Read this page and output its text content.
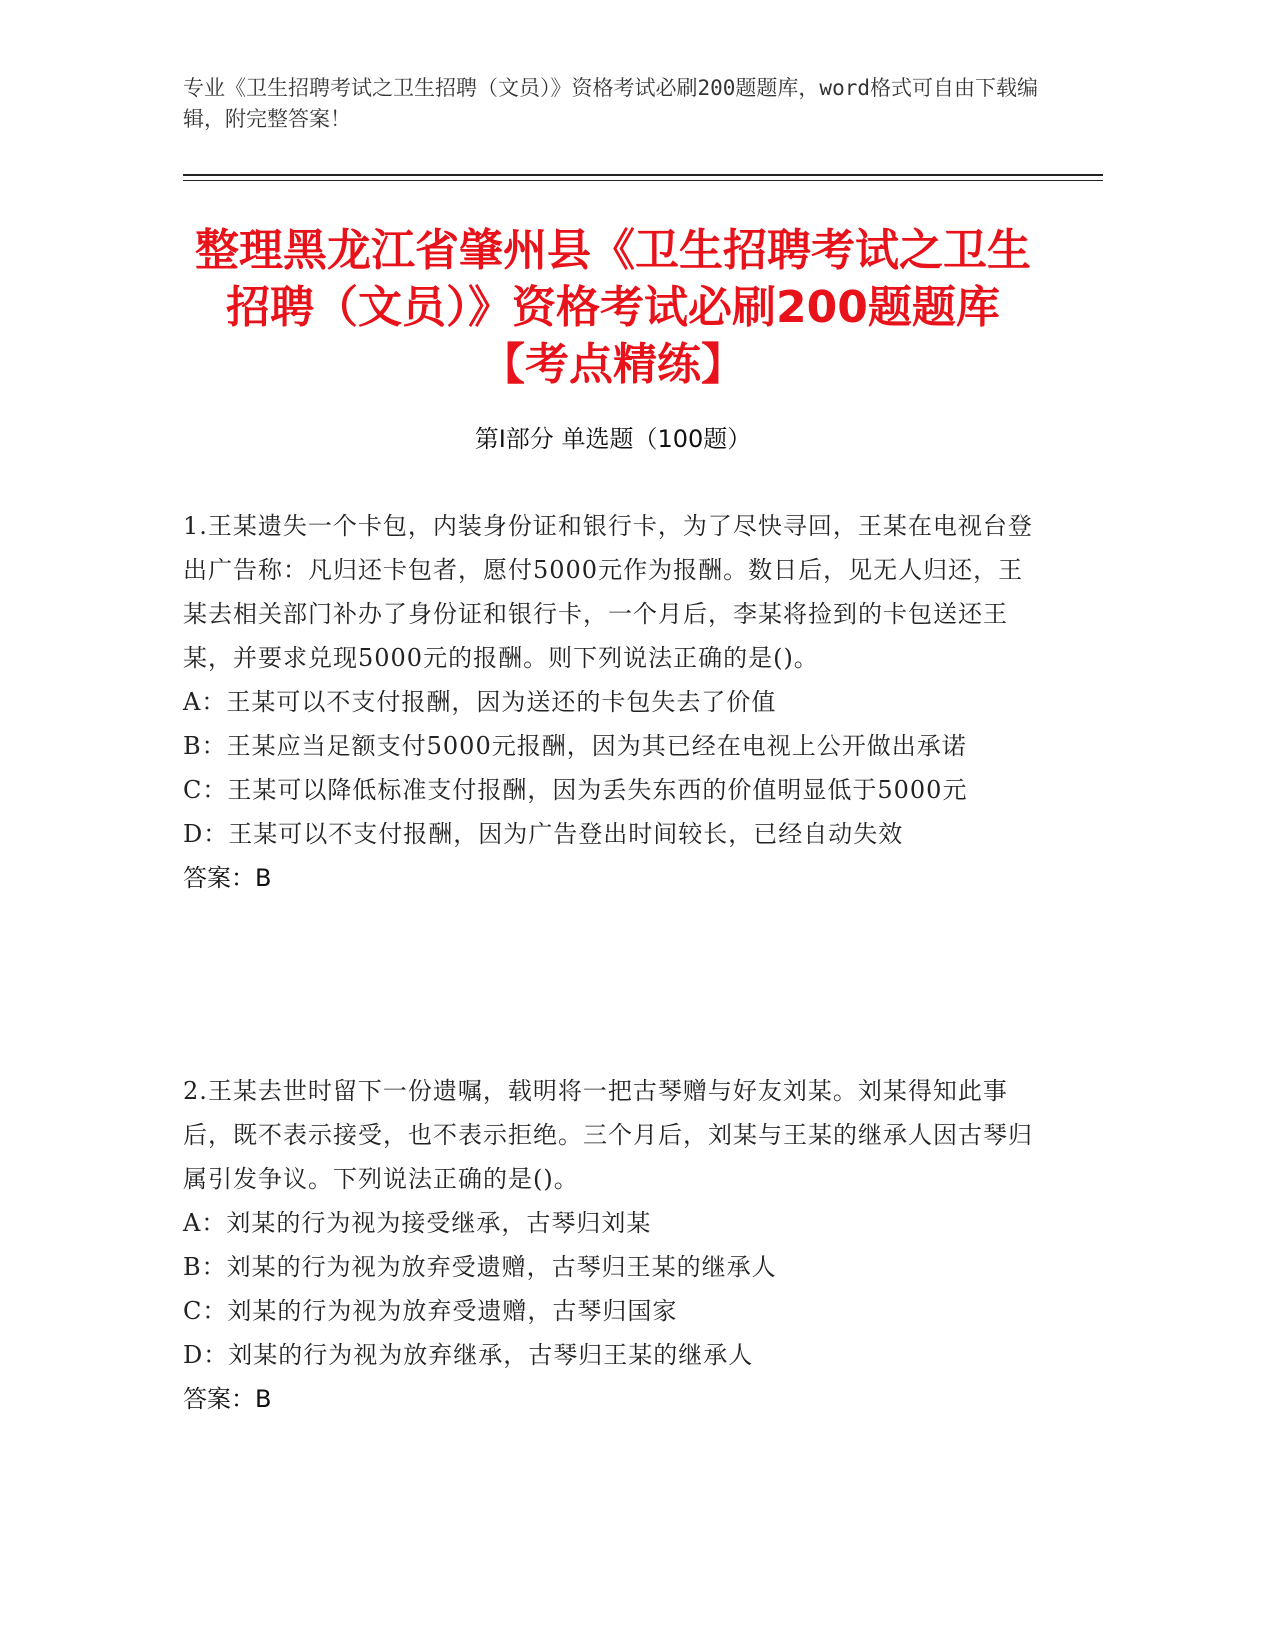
专业《卫生招聘考试之卫生招聘（文员）》资格考试必刷200题题库，word格式可自由下载编辑，附完整答案！
整理黑龙江省肇州县《卫生招聘考试之卫生招聘（文员）》资格考试必刷200题题库【考点精练】
第Ⅰ部分 单选题（100题）

1.王某遗失一个卡包，内装身份证和银行卡，为了尽快寻回，王某在电视台登出广告称：凡归还卡包者，愿付5000元作为报酬。数日后，见无人归还，王某去相关部门补办了身份证和银行卡，一个月后，李某将捡到的卡包送还王某，并要求兑现5000元的报酬。则下列说法正确的是()。

A：王某可以不支付报酬，因为送还的卡包失去了价值

B：王某应当足额支付5000元报酬，因为其已经在电视上公开做出承诺

C：王某可以降低标准支付报酬，因为丢失东西的价值明显低于5000元

D：王某可以不支付报酬，因为广告登出时间较长，已经自动失效

答案：B

2.王某去世时留下一份遗嘱，载明将一把古琴赠与好友刘某。刘某得知此事后，既不表示接受，也不表示拒绝。三个月后，刘某与王某的继承人因古琴归属引发争议。下列说法正确的是()。

A：刘某的行为视为接受继承，古琴归刘某

B：刘某的行为视为放弃受遗赠，古琴归王某的继承人

C：刘某的行为视为放弃受遗赠，古琴归国家

D：刘某的行为视为放弃继承，古琴归王某的继承人

答案：B
